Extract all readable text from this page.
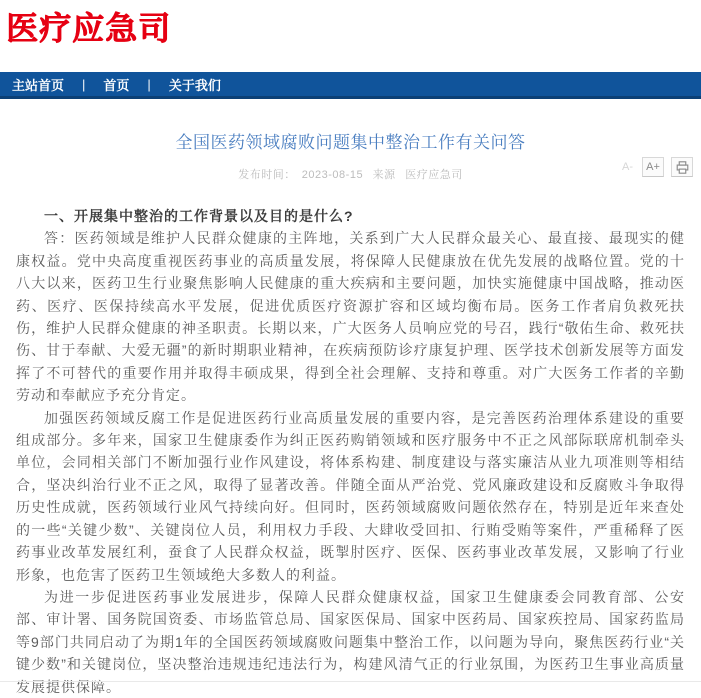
医疗应急司
主站首页 | 首页 | 关于我们
全国医药领域腐败问题集中整治工作有关问答
发布时间： 2023-08-15 来源 医疗应急司
A-	A+

一、开展集中整治的工作背景以及目的是什么?

答：医药领域是维护人民群众健康的主阵地，关系到广大人民群众最关心、最直接、最现实的健康权益。党中央高度重视医药事业的高质量发展，将保障人民健康放在优先发展的战略位置。党的十八大以来，医药卫生行业聚焦影响人民健康的重大疾病和主要问题，加快实施健康中国战略，推动医药、医疗、医保持续高水平发展，促进优质医疗资源扩容和区域均衡布局。医务工作者肩负救死扶伤，维护人民群众健康的神圣职责。长期以来，广大医务人员响应党的号召，践行“敬佑生命、救死扶伤、甘于奉献、大爱无疆”的新时期职业精神，在疾病预防诊疗康复护理、医学技术创新发展等方面发挥了不可替代的重要作用并取得丰硕成果，得到全社会理解、支持和尊重。对广大医务工作者的辛勤劳动和奉献应予充分肯定。

加强医药领域反腐工作是促进医药行业高质量发展的重要内容，是完善医药治理体系建设的重要组成部分。多年来，国家卫生健康委作为纠正医药购销领域和医疗服务中不正之风部际联席机制牵头单位，会同相关部门不断加强行业作风建设，将体系构建、制度建设与落实廉洁从业九项准则等相结合，坚决纠治行业不正之风，取得了显著改善。伴随全面从严治党、党风廉政建设和反腐败斗争取得历史性成就，医药领域行业风气持续向好。但同时，医药领域腐败问题依然存在，特别是近年来查处的一些“关键少数”、关键岗位人员，利用权力手段、大肆收受回扣、行贿受贿等案件，严重稀释了医药事业改革发展红利，蚕食了人民群众权益，既掣肘医疗、医保、医药事业改革发展，又影响了行业形象，也危害了医药卫生领域绝大多数人的利益。

为进一步促进医药事业发展进步，保障人民群众健康权益，国家卫生健康委会同教育部、公安部、审计署、国务院国资委、市场监管总局、国家医保局、国家中医药局、国家疾控局、国家药监局等9部门共同启动了为期1年的全国医药领域腐败问题集中整治工作，以问题为导向，聚焦医药行业“关键少数”和关键岗位，坚决整治违规违纪违法行为，构建风清气正的行业氛围，为医药卫生事业高质量发展提供保障。
